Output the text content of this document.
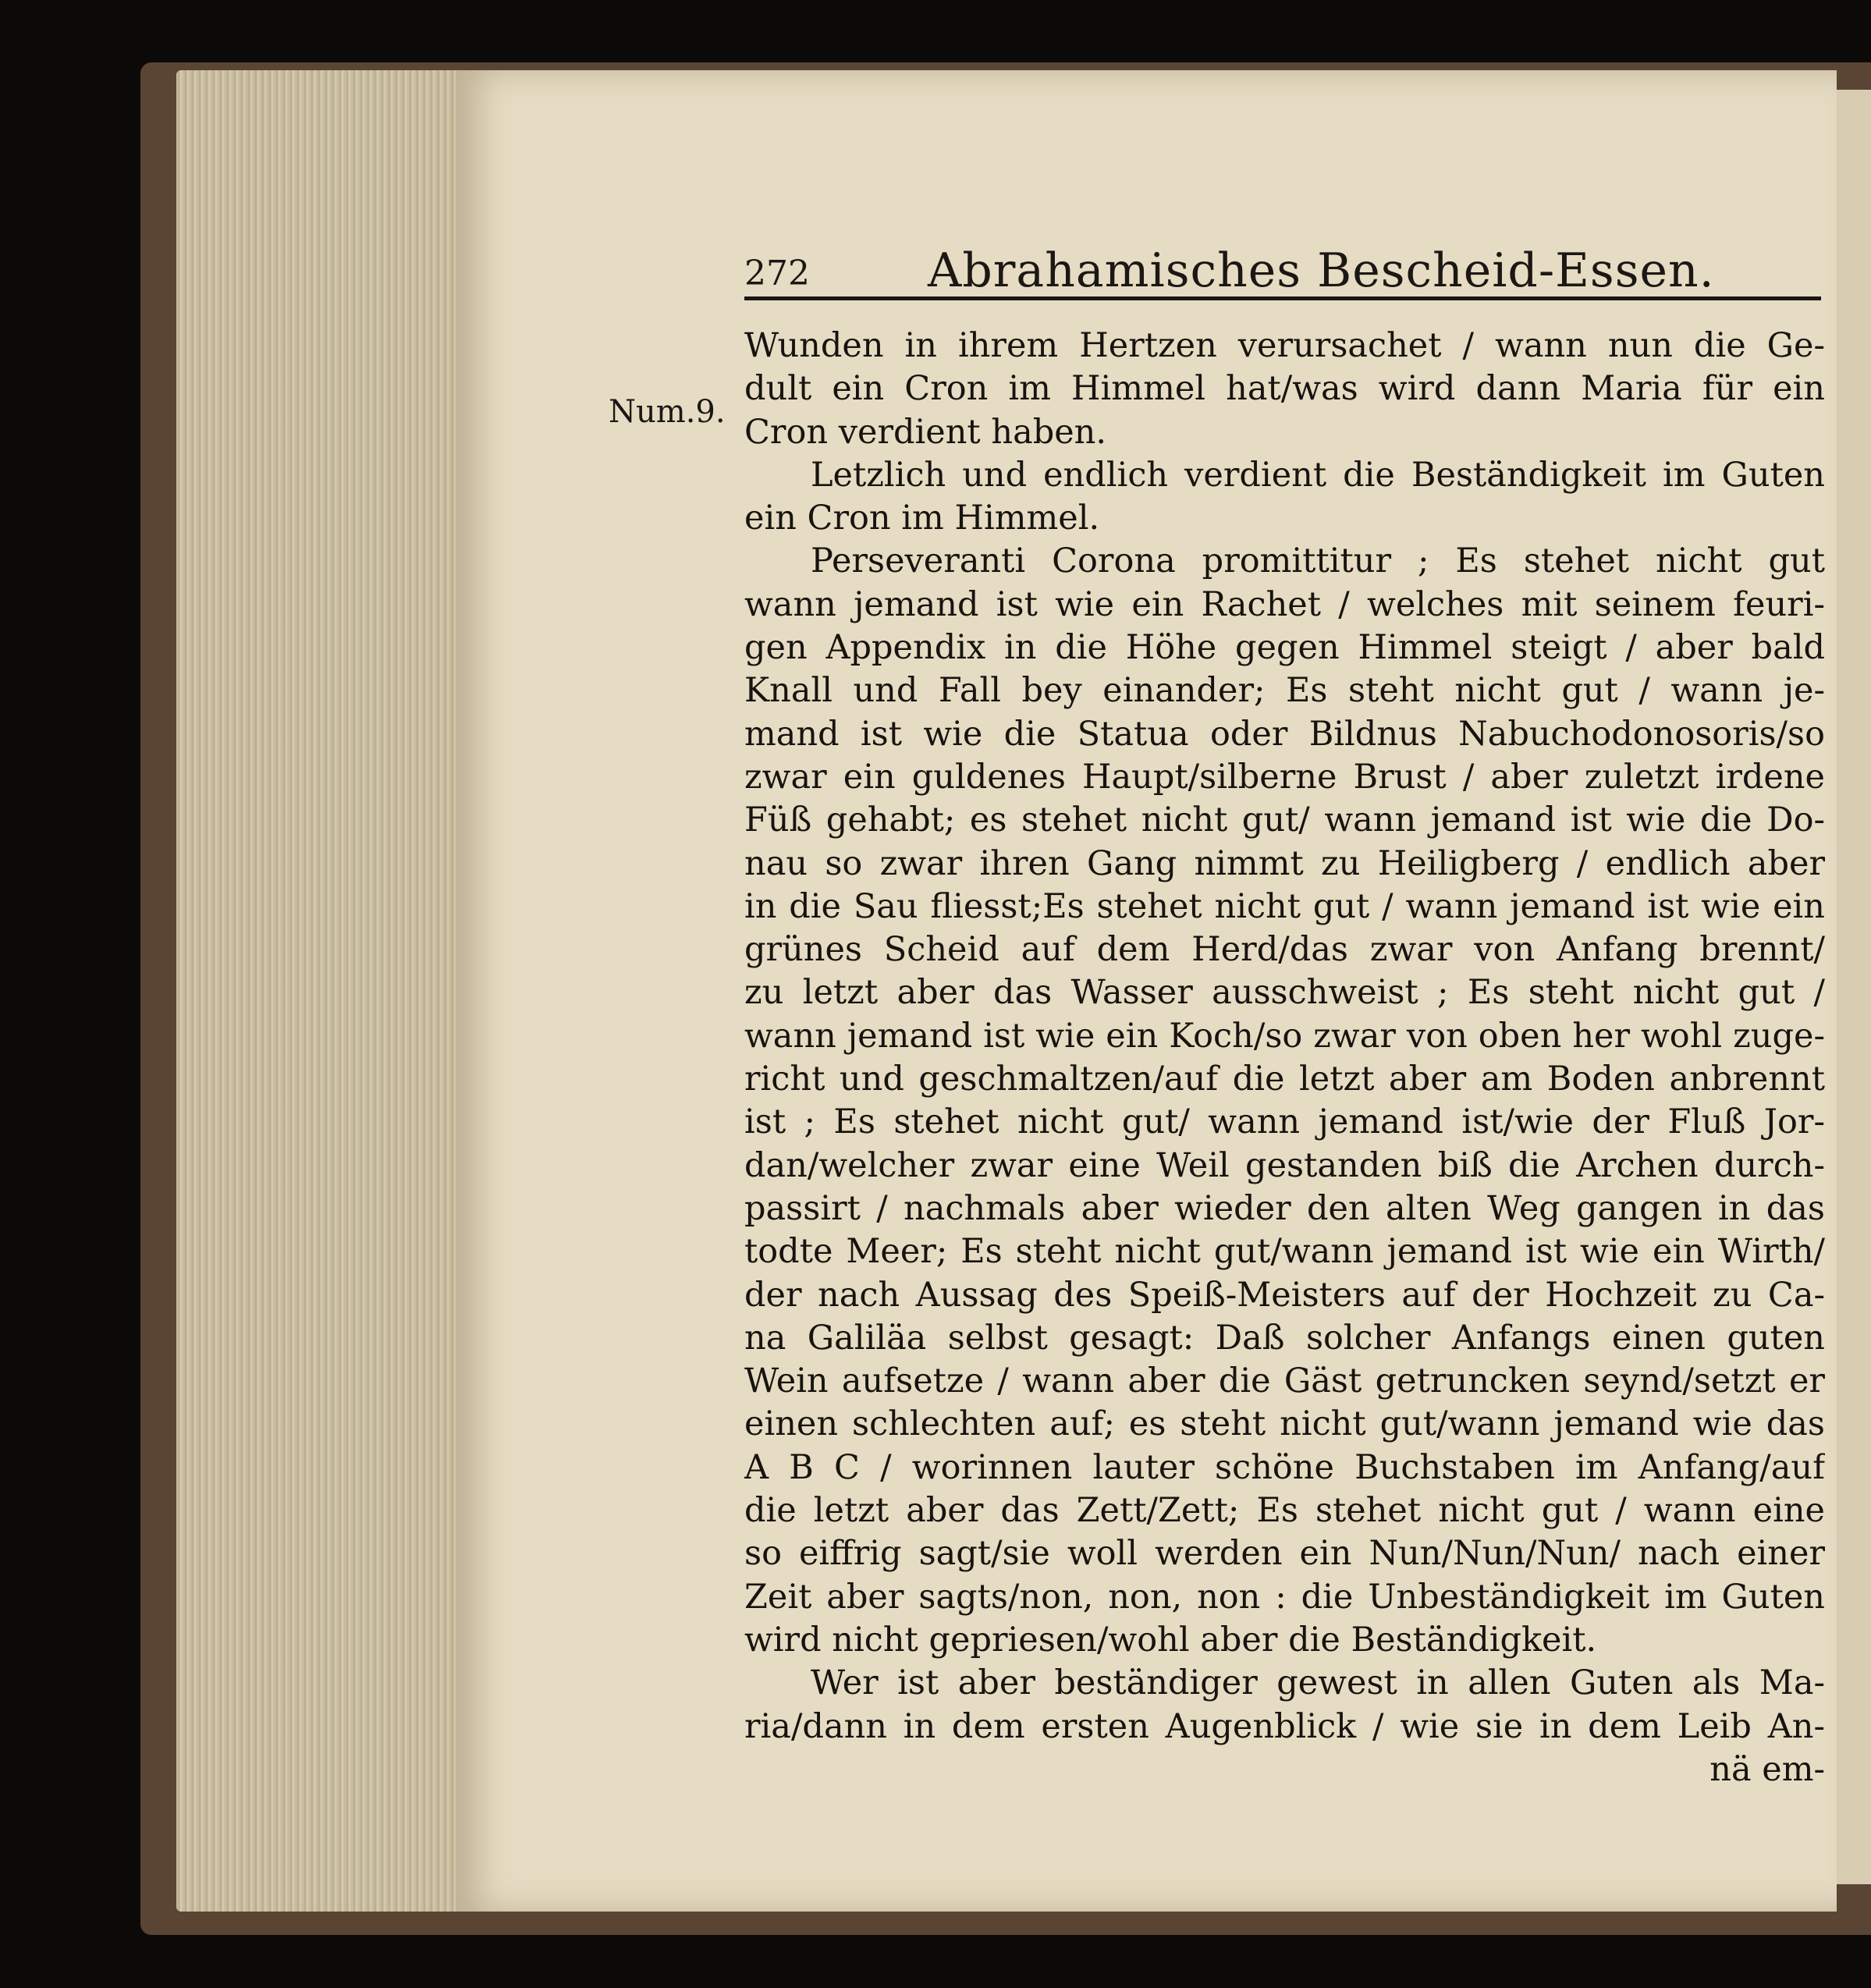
272	Abrahamisches Bescheid-Essen.
Num.9.
Wunden in ihrem Hertzen verursachet / wann nun die Ge-
dult ein Cron im Himmel hat/was wird dann Maria für ein
Cron verdient haben.
Letzlich und endlich verdient die Beständigkeit im Guten
ein Cron im Himmel.
Perseveranti Corona promittitur ; Es stehet nicht gut
wann jemand ist wie ein Rachet / welches mit seinem feuri-
gen Appendix in die Höhe gegen Himmel steigt / aber bald
Knall und Fall bey einander; Es steht nicht gut / wann je-
mand ist wie die Statua oder Bildnus Nabuchodonosoris/so
zwar ein guldenes Haupt/silberne Brust / aber zuletzt irdene
Füß gehabt; es stehet nicht gut/ wann jemand ist wie die Do-
nau so zwar ihren Gang nimmt zu Heiligberg / endlich aber
in die Sau fliesst;Es stehet nicht gut / wann jemand ist wie ein
grünes Scheid auf dem Herd/das zwar von Anfang brennt/
zu letzt aber das Wasser ausschweist ; Es steht nicht gut /
wann jemand ist wie ein Koch/so zwar von oben her wohl zuge-
richt und geschmaltzen/auf die letzt aber am Boden anbrennt
ist ; Es stehet nicht gut/ wann jemand ist/wie der Fluß Jor-
dan/welcher zwar eine Weil gestanden biß die Archen durch-
passirt / nachmals aber wieder den alten Weg gangen in das
todte Meer; Es steht nicht gut/wann jemand ist wie ein Wirth/
der nach Aussag des Speiß-Meisters auf der Hochzeit zu Ca-
na Galiläa selbst gesagt: Daß solcher Anfangs einen guten
Wein aufsetze / wann aber die Gäst getruncken seynd/setzt er
einen schlechten auf; es steht nicht gut/wann jemand wie das
A B C / worinnen lauter schöne Buchstaben im Anfang/auf
die letzt aber das Zett/Zett; Es stehet nicht gut / wann eine
so eiffrig sagt/sie woll werden ein Nun/Nun/Nun/ nach einer
Zeit aber sagts/non, non, non : die Unbeständigkeit im Guten
wird nicht gepriesen/wohl aber die Beständigkeit.
Wer ist aber beständiger gewest in allen Guten als Ma-
ria/dann in dem ersten Augenblick / wie sie in dem Leib An-
nä em-
